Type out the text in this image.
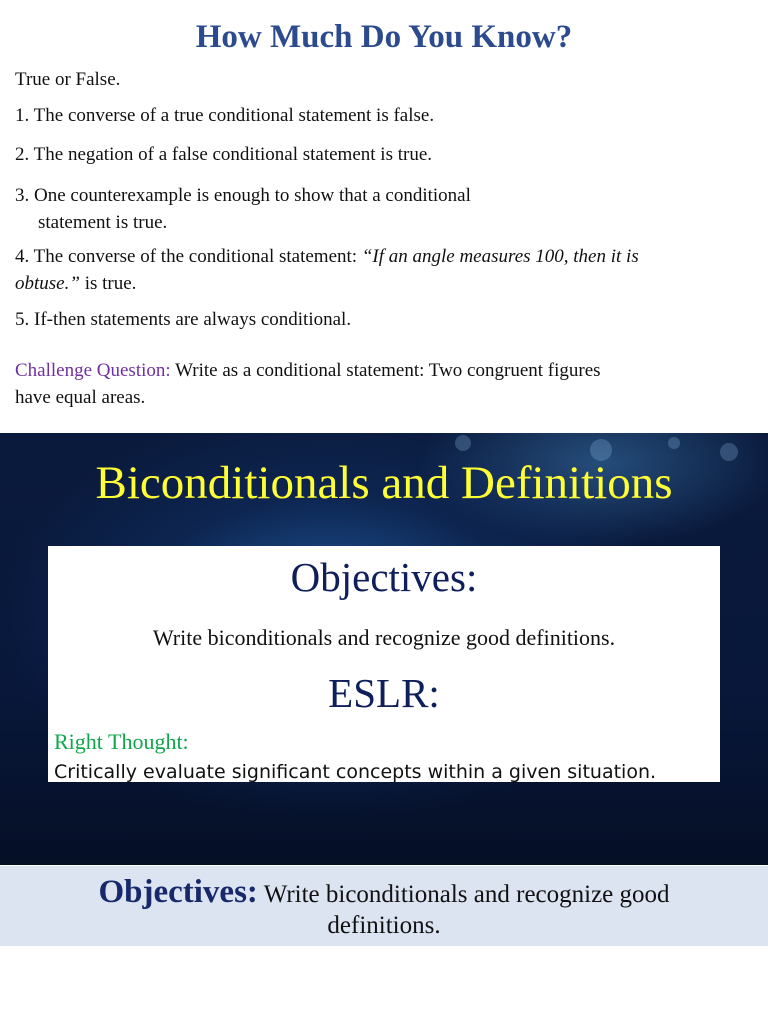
How Much Do You Know?
True or False.
1. The converse of a true conditional statement is false.
2. The negation of a false conditional statement is true.
3. One counterexample is enough to show that a conditional
statement is true.
4. The converse of the conditional statement: “If an angle measures 100, then it is
obtuse.” is true.
5. If-then statements are always conditional.
Challenge Question: Write as a conditional statement: Two congruent figures
have equal areas.
Biconditionals and Definitions
Objectives:
Write biconditionals and recognize good definitions.
ESLR:
Right Thought:
Critically evaluate significant concepts within a given situation.
Objectives: Write biconditionals and recognize good
definitions.
